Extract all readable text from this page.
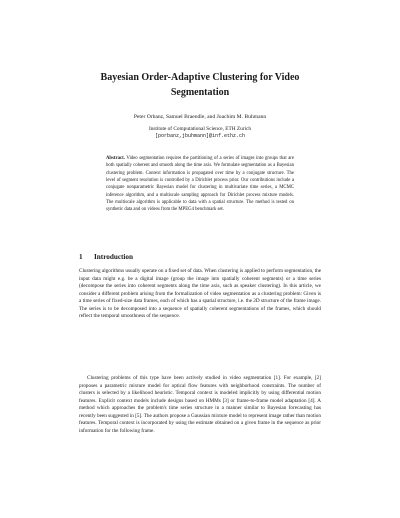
Bayesian Order-Adaptive Clustering for Video
Segmentation
Peter Orbanz, Samuel Braendle, and Joachim M. Buhmann
Institute of Computational Science, ETH Zurich
[porbanz,jbuhmann]@inf.ethz.ch

Abstract. Video segmentation requires the partitioning of a series of images into groups that are both spatially coherent and smooth along the time axis. We formulate segmentation as a Bayesian clustering problem. Context information is propagated over time by a conjugate structure. The level of segment resolution is controlled by a Dirichlet process prior. Our contributions include a conjugate nonparametric Bayesian model for clustering in multivariate time series, a MCMC inference algorithm, and a multiscale sampling approach for Dirichlet process mixture models. The multiscale algorithm is applicable to data with a spatial structure. The method is tested on synthetic data and on videos from the MPEG4 benchmark set.

1 Introduction

Clustering algorithms usually operate on a fixed set of data. When clustering is applied to perform segmentation, the input data might e.g. be a digital image (group the image into spatially coherent segments) or a time series (decompose the series into coherent segments along the time axis, such as speaker clustering). In this article, we consider a different problem arising from the formalization of video segmentation as a clustering problem: Given is a time series of fixed-size data frames, each of which has a spatial structure, i.e. the 2D structure of the frame image. The series is to be decomposed into a sequence of spatially coherent segmentations of the frames, which should reflect the temporal smoothness of the sequence.

Clustering problems of this type have been actively studied in video segmentation [1]. For example, [2] proposes a parametric mixture model for optical flow features with neighborhood constraints. The number of clusters is selected by a likelihood heuristic. Temporal context is modeled implicitly by using differential motion features. Explicit context models include designs based on HMMs [3] or frame-to-frame model adaptation [4]. A method which approaches the problem's time series structure in a manner similar to Bayesian forecasting has recently been suggested in [5]. The authors propose a Gaussian mixture model to represent image rather than motion features. Temporal context is incorporated by using the estimate obtained on a given frame in the sequence as prior information for the following frame.
